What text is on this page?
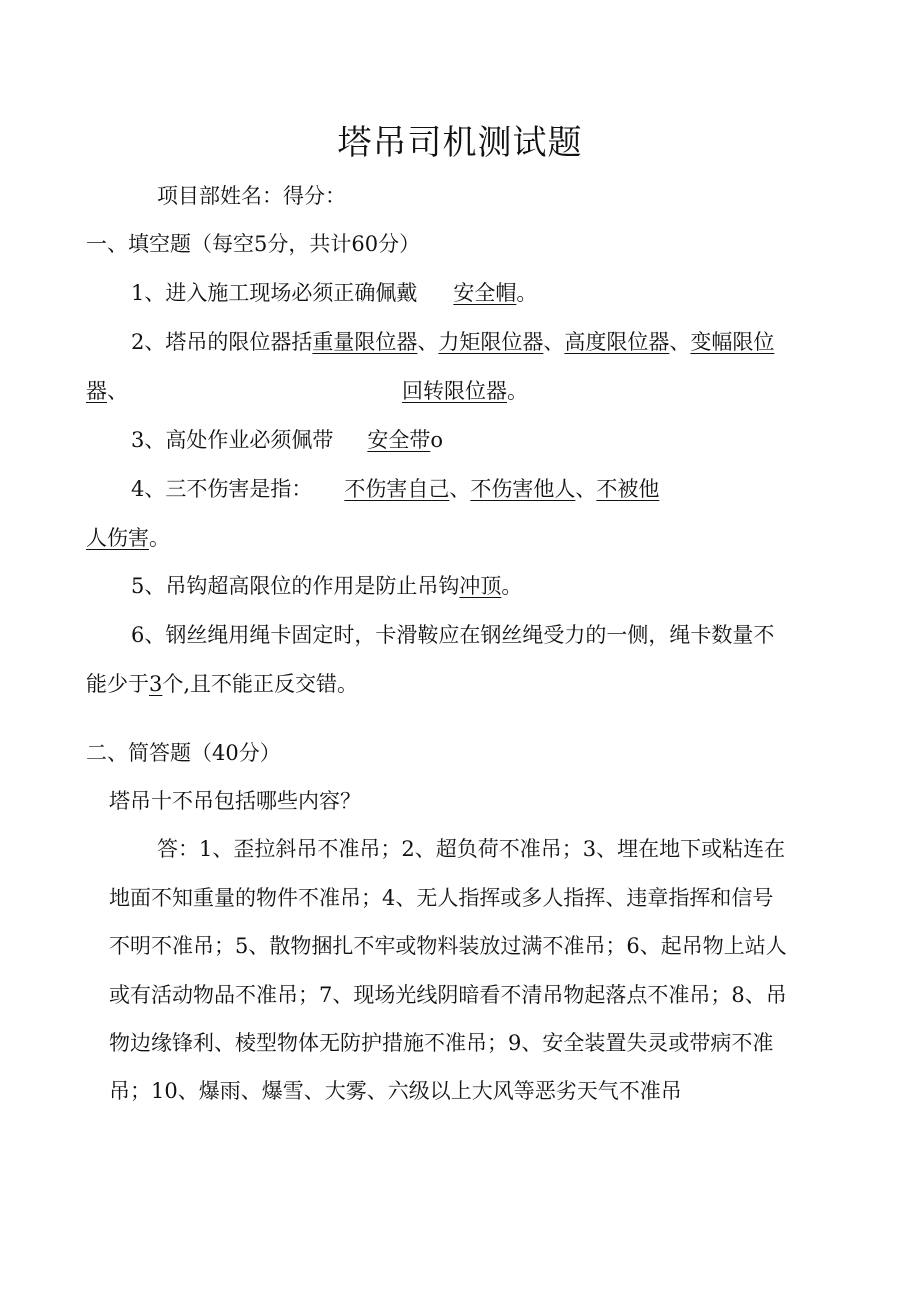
塔吊司机测试题
项目部姓名：得分：
一、填空题（每空5分，共计60分）
1、进入施工现场必须正确佩戴 安全帽。
2、塔吊的限位器括重量限位器、力矩限位器、高度限位器、变幅限位
器、	回转限位器。
3、高处作业必须佩带 安全带o
4、三不伤害是指： 不伤害自己、不伤害他人、不被他
人伤害。
5、吊钩超高限位的作用是防止吊钩冲顶。
6、钢丝绳用绳卡固定时，卡滑鞍应在钢丝绳受力的一侧，绳卡数量不
能少于3个,且不能正反交错。
二、简答题（40分）
塔吊十不吊包括哪些内容？
答：1、歪拉斜吊不准吊；2、超负荷不准吊；3、埋在地下或粘连在
地面不知重量的物件不准吊；4、无人指挥或多人指挥、违章指挥和信号
不明不准吊；5、散物捆扎不牢或物料装放过满不准吊；6、起吊物上站人
或有活动物品不准吊；7、现场光线阴暗看不清吊物起落点不准吊；8、吊
物边缘锋利、棱型物体无防护措施不准吊；9、安全装置失灵或带病不准
吊；10、爆雨、爆雪、大雾、六级以上大风等恶劣天气不准吊
